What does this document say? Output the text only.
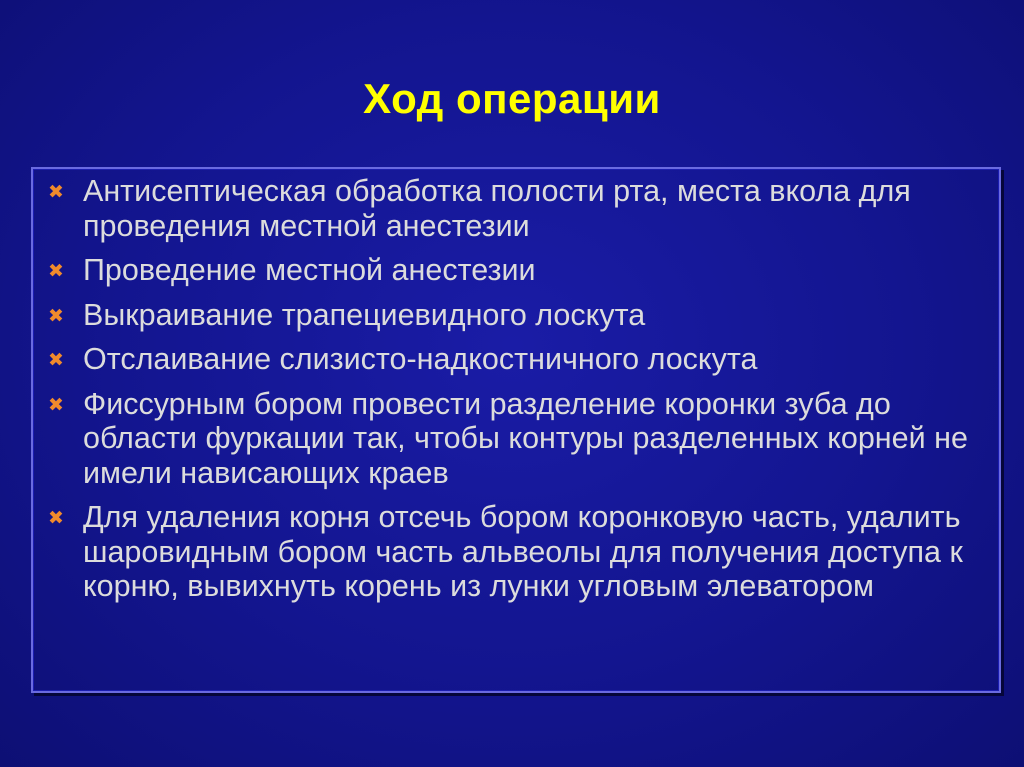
Ход операции
✖ Антисептическая обработка полости рта, места вкола для проведения местной анестезии
✖ Проведение местной анестезии
✖ Выкраивание трапециевидного лоскута
✖ Отслаивание слизисто-надкостничного лоскута
✖ Фиссурным бором провести разделение коронки зуба до области фуркации так, чтобы контуры разделенных корней не имели нависающих краев
✖ Для удаления корня отсечь бором коронковую часть, удалить шаровидным бором часть альвеолы для получения доступа к корню, вывихнуть корень из лунки угловым элеватором
